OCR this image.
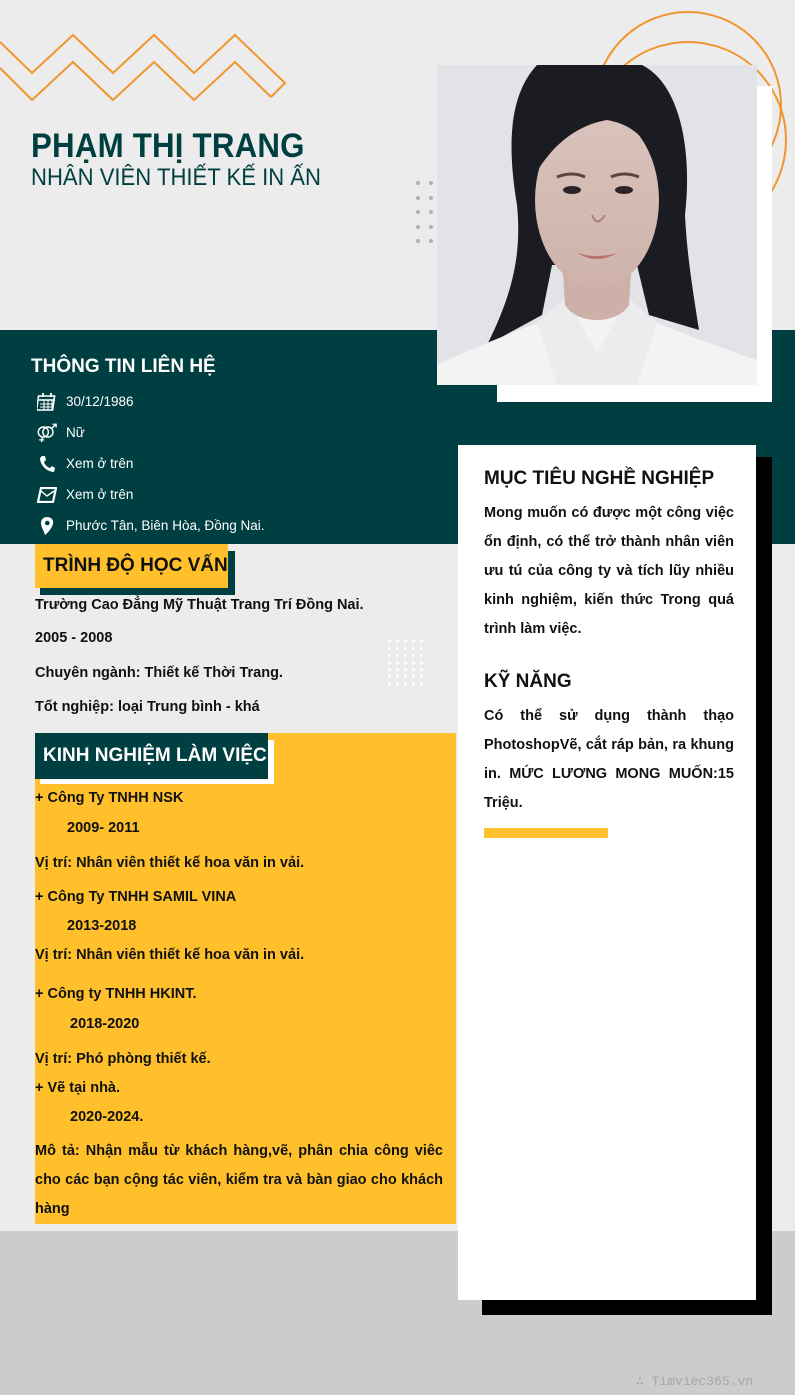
PHẠM THỊ TRANG
NHÂN VIÊN THIẾT KẾ IN ẤN
THÔNG TIN LIÊN HỆ
30/12/1986
Nữ
Xem ở trên
Xem ở trên
Phước Tân, Biên Hòa, Đồng Nai.
TRÌNH ĐỘ HỌC VẤN
Trường Cao Đẳng Mỹ Thuật Trang Trí Đồng Nai.
2005 - 2008
Chuyên ngành: Thiết kế Thời Trang.
Tốt nghiệp: loại Trung bình - khá
KINH NGHIỆM LÀM VIỆC
+ Công Ty TNHH NSK
2009- 2011
Vị trí: Nhân viên thiết kế hoa văn in vải.
+ Công Ty TNHH SAMIL VINA
2013-2018
Vị trí: Nhân viên thiết kế hoa văn in vải.
+ Công ty TNHH HKINT.
2018-2020
Vị trí: Phó phòng thiết kế.
+ Vẽ tại nhà.
2020-2024.
Mô tả: Nhận mẫu từ khách hàng,vẽ, phân chia công viêc cho các bạn cộng tác viên, kiểm tra và bàn giao cho khách hàng
MỤC TIÊU NGHỀ NGHIỆP
Mong muốn có được một công việc ổn định, có thể trở thành nhân viên ưu tú của công ty và tích lũy nhiều kinh nghiệm, kiến thức Trong quá trình làm việc.
KỸ NĂNG
Có thể sử dụng thành thạo PhotoshopVẽ, cắt ráp bản, ra khung in. MỨC LƯƠNG MONG MUỐN:15 Triệu.
∴ Timviec365.vn
